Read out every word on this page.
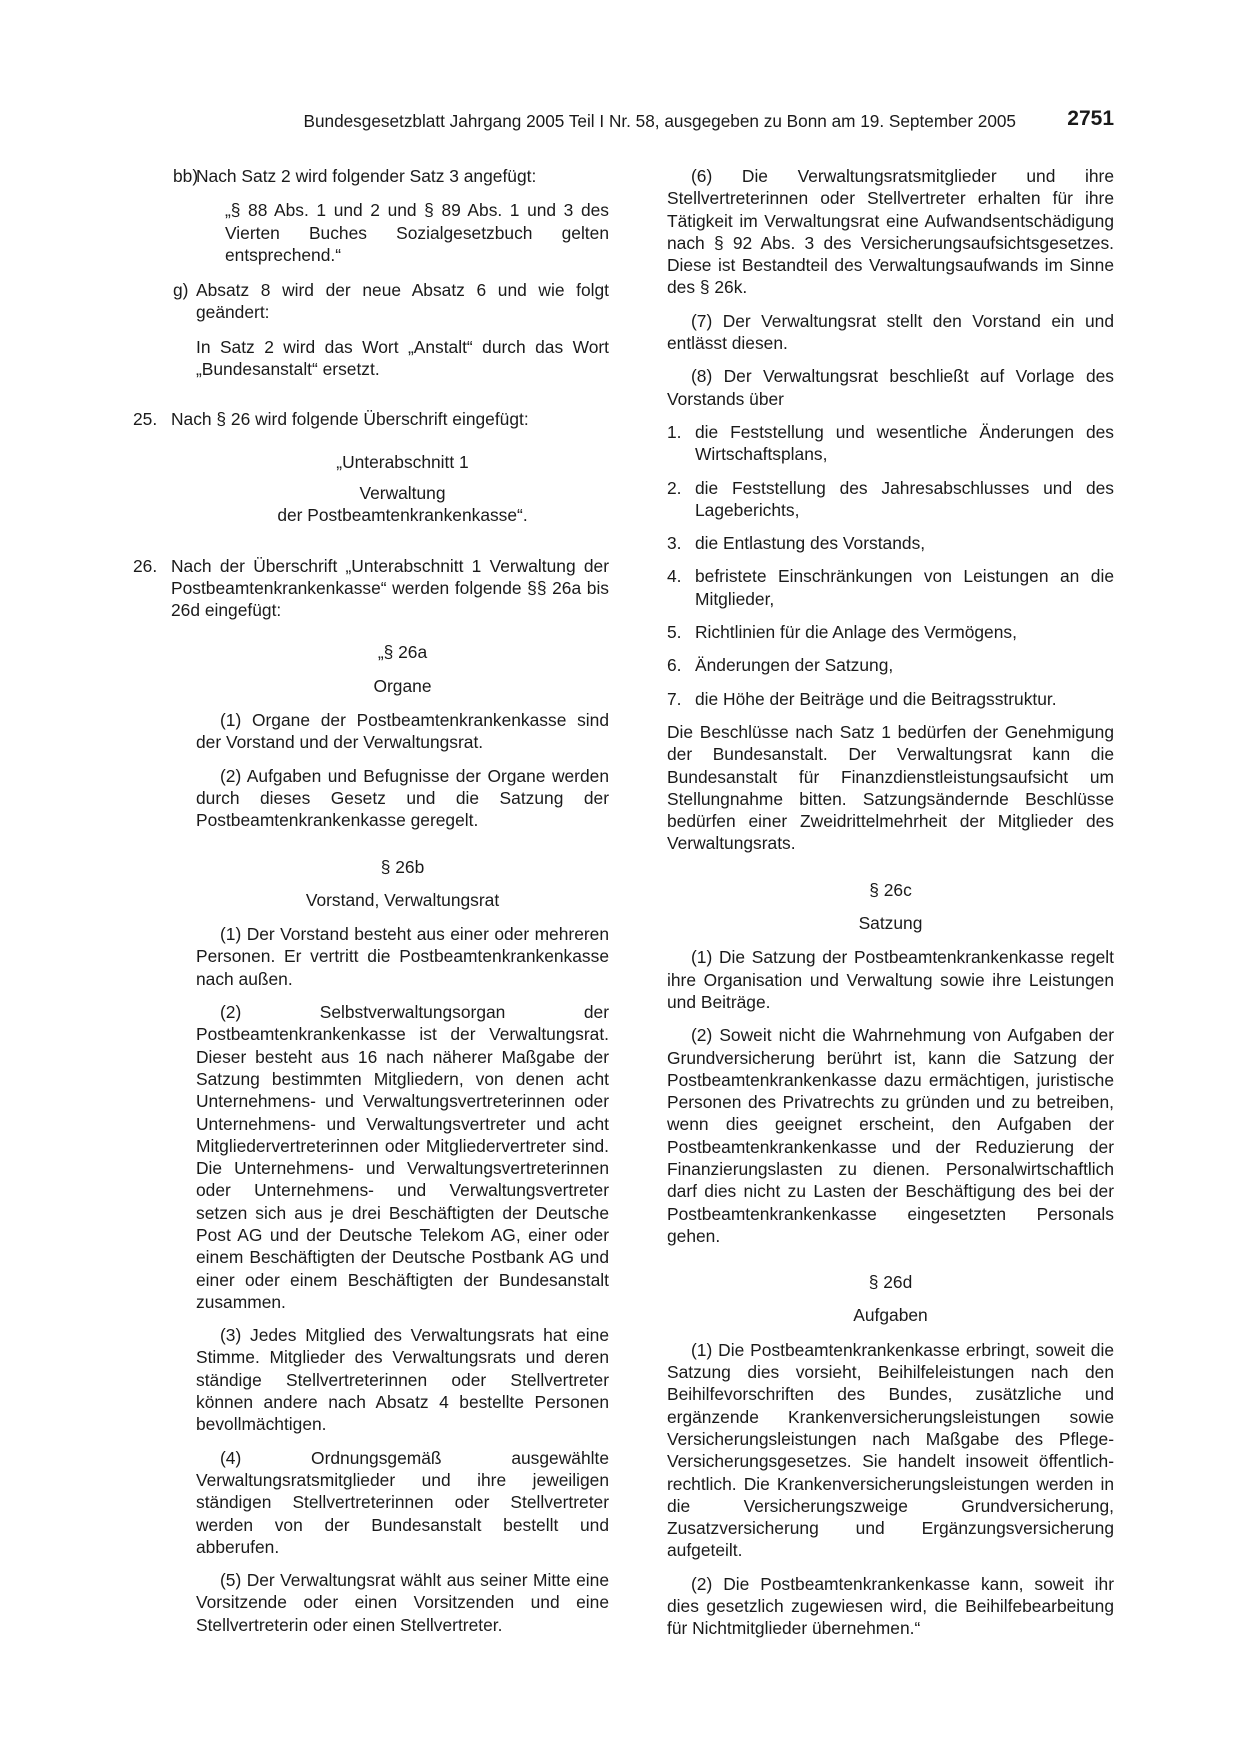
Bundesgesetzblatt Jahrgang 2005 Teil I Nr. 58, ausgegeben zu Bonn am 19. September 2005 2751
bb)

Nach Satz 2 wird folgender Satz 3 angefügt:

„§ 88 Abs. 1 und 2 und § 89 Abs. 1 und 3 des Vierten Buches Sozialgesetzbuch gelten entsprechend.“

g) Absatz 8 wird der neue Absatz 6 und wie folgt geändert:

In Satz 2 wird das Wort „Anstalt“ durch das Wort „Bundesanstalt“ ersetzt.

25. Nach § 26 wird folgende Überschrift eingefügt:

„Unterabschnitt 1

Verwaltung

der Postbeamtenkrankenkasse“.

26. Nach der Überschrift „Unterabschnitt 1 Verwaltung der Postbeamtenkrankenkasse“ werden folgende §§ 26a bis 26d eingefügt:

„§ 26a

Organe

(1) Organe der Postbeamtenkrankenkasse sind der Vorstand und der Verwaltungsrat.

(2) Aufgaben und Befugnisse der Organe werden durch dieses Gesetz und die Satzung der Postbeamtenkrankenkasse geregelt.

§ 26b

Vorstand, Verwaltungsrat

(1) Der Vorstand besteht aus einer oder mehreren Personen. Er vertritt die Postbeamtenkrankenkasse nach außen.

(2) Selbstverwaltungsorgan der Postbeamtenkrankenkasse ist der Verwaltungsrat. Dieser besteht aus 16 nach näherer Maßgabe der Satzung bestimmten Mitgliedern, von denen acht Unternehmens- und Verwaltungsvertreterinnen oder Unternehmens- und Verwaltungsvertreter und acht Mitgliedervertreterinnen oder Mitgliedervertreter sind. Die Unternehmens- und Verwaltungsvertreterinnen oder Unternehmens- und Verwaltungsvertreter setzen sich aus je drei Beschäftigten der Deutsche Post AG und der Deutsche Telekom AG, einer oder einem Beschäftigten der Deutsche Postbank AG und einer oder einem Beschäftigten der Bundesanstalt zusammen.

(3) Jedes Mitglied des Verwaltungsrats hat eine Stimme. Mitglieder des Verwaltungsrats und deren ständige Stellvertreterinnen oder Stellvertreter können andere nach Absatz 4 bestellte Personen bevollmächtigen.

(4) Ordnungsgemäß ausgewählte Verwaltungsratsmitglieder und ihre jeweiligen ständigen Stellvertreterinnen oder Stellvertreter werden von der Bundesanstalt bestellt und abberufen.

(5) Der Verwaltungsrat wählt aus seiner Mitte eine Vorsitzende oder einen Vorsitzenden und eine Stellvertreterin oder einen Stellvertreter.

(6) Die Verwaltungsratsmitglieder und ihre Stellvertreterinnen oder Stellvertreter erhalten für ihre Tätigkeit im Verwaltungsrat eine Aufwandsentschädigung nach § 92 Abs. 3 des Versicherungsaufsichtsgesetzes. Diese ist Bestandteil des Verwaltungsaufwands im Sinne des § 26k.

(7) Der Verwaltungsrat stellt den Vorstand ein und entlässt diesen.

(8) Der Verwaltungsrat beschließt auf Vorlage des Vorstands über

1. die Feststellung und wesentliche Änderungen des Wirtschaftsplans,

2. die Feststellung des Jahresabschlusses und des Lageberichts,

3. die Entlastung des Vorstands,

4. befristete Einschränkungen von Leistungen an die Mitglieder,

5. Richtlinien für die Anlage des Vermögens,

6. Änderungen der Satzung,

7. die Höhe der Beiträge und die Beitragsstruktur.

Die Beschlüsse nach Satz 1 bedürfen der Genehmigung der Bundesanstalt. Der Verwaltungsrat kann die Bundesanstalt für Finanzdienstleistungsaufsicht um Stellungnahme bitten. Satzungsändernde Beschlüsse bedürfen einer Zweidrittelmehrheit der Mitglieder des Verwaltungsrats.

§ 26c

Satzung

(1) Die Satzung der Postbeamtenkrankenkasse regelt ihre Organisation und Verwaltung sowie ihre Leistungen und Beiträge.

(2) Soweit nicht die Wahrnehmung von Aufgaben der Grundversicherung berührt ist, kann die Satzung der Postbeamtenkrankenkasse dazu ermächtigen, juristische Personen des Privatrechts zu gründen und zu betreiben, wenn dies geeignet erscheint, den Aufgaben der Postbeamtenkrankenkasse und der Reduzierung der Finanzierungslasten zu dienen. Personalwirtschaftlich darf dies nicht zu Lasten der Beschäftigung des bei der Postbeamtenkrankenkasse eingesetzten Personals gehen.

§ 26d

Aufgaben

(1) Die Postbeamtenkrankenkasse erbringt, soweit die Satzung dies vorsieht, Beihilfeleistungen nach den Beihilfevorschriften des Bundes, zusätzliche und ergänzende Krankenversicherungsleistungen sowie Versicherungsleistungen nach Maßgabe des Pflege-Versicherungsgesetzes. Sie handelt insoweit öffentlich-rechtlich. Die Krankenversicherungsleistungen werden in die Versicherungszweige Grundversicherung, Zusatzversicherung und Ergänzungsversicherung aufgeteilt.

(2) Die Postbeamtenkrankenkasse kann, soweit ihr dies gesetzlich zugewiesen wird, die Beihilfebearbeitung für Nichtmitglieder übernehmen.“
